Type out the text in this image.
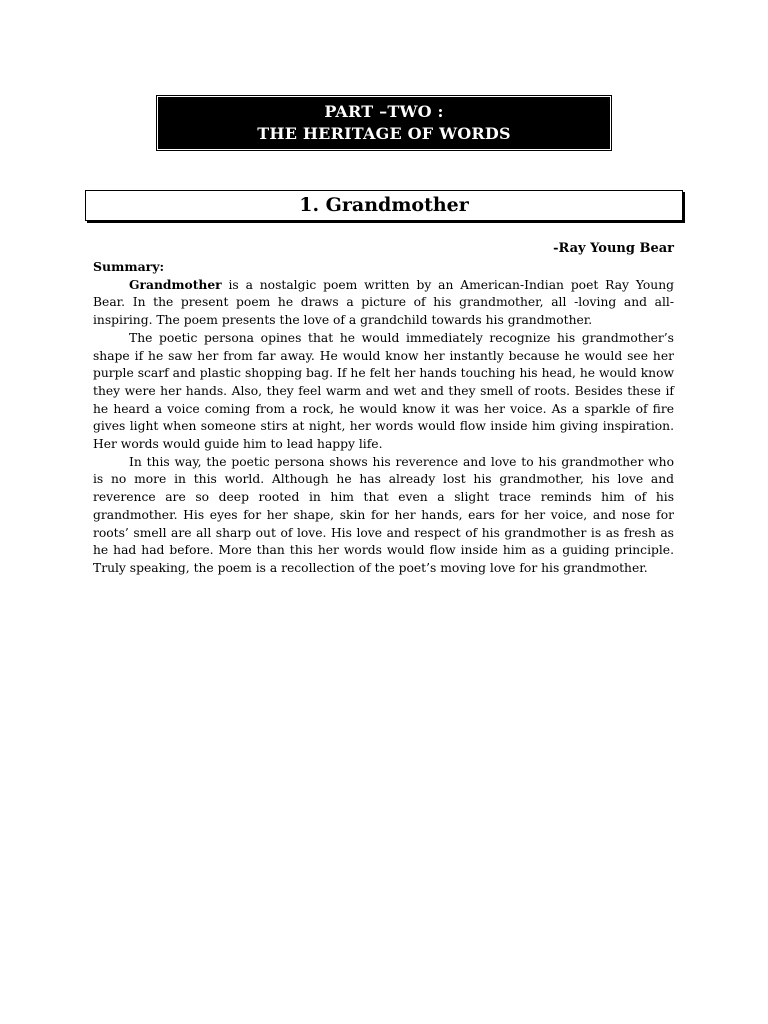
PART –TWO :
THE HERITAGE OF WORDS
1. Grandmother
-Ray Young Bear

Summary:

Grandmother is a nostalgic poem written by an American-Indian poet Ray Young Bear. In the present poem he draws a picture of his grandmother, all -loving and all-inspiring. The poem presents the love of a grandchild towards his grandmother.

The poetic persona opines that he would immediately recognize his grandmother’s shape if he saw her from far away. He would know her instantly because he would see her purple scarf and plastic shopping bag. If he felt her hands touching his head, he would know they were her hands. Also, they feel warm and wet and they smell of roots. Besides these if he heard a voice coming from a rock, he would know it was her voice. As a sparkle of fire gives light when someone stirs at night, her words would flow inside him giving inspiration. Her words would guide him to lead happy life.

In this way, the poetic persona shows his reverence and love to his grandmother who is no more in this world. Although he has already lost his grandmother, his love and reverence are so deep rooted in him that even a slight trace reminds him of his grandmother. His eyes for her shape, skin for her hands, ears for her voice, and nose for roots’ smell are all sharp out of love. His love and respect of his grandmother is as fresh as he had had before. More than this her words would flow inside him as a guiding principle. Truly speaking, the poem is a recollection of the poet’s moving love for his grandmother.
